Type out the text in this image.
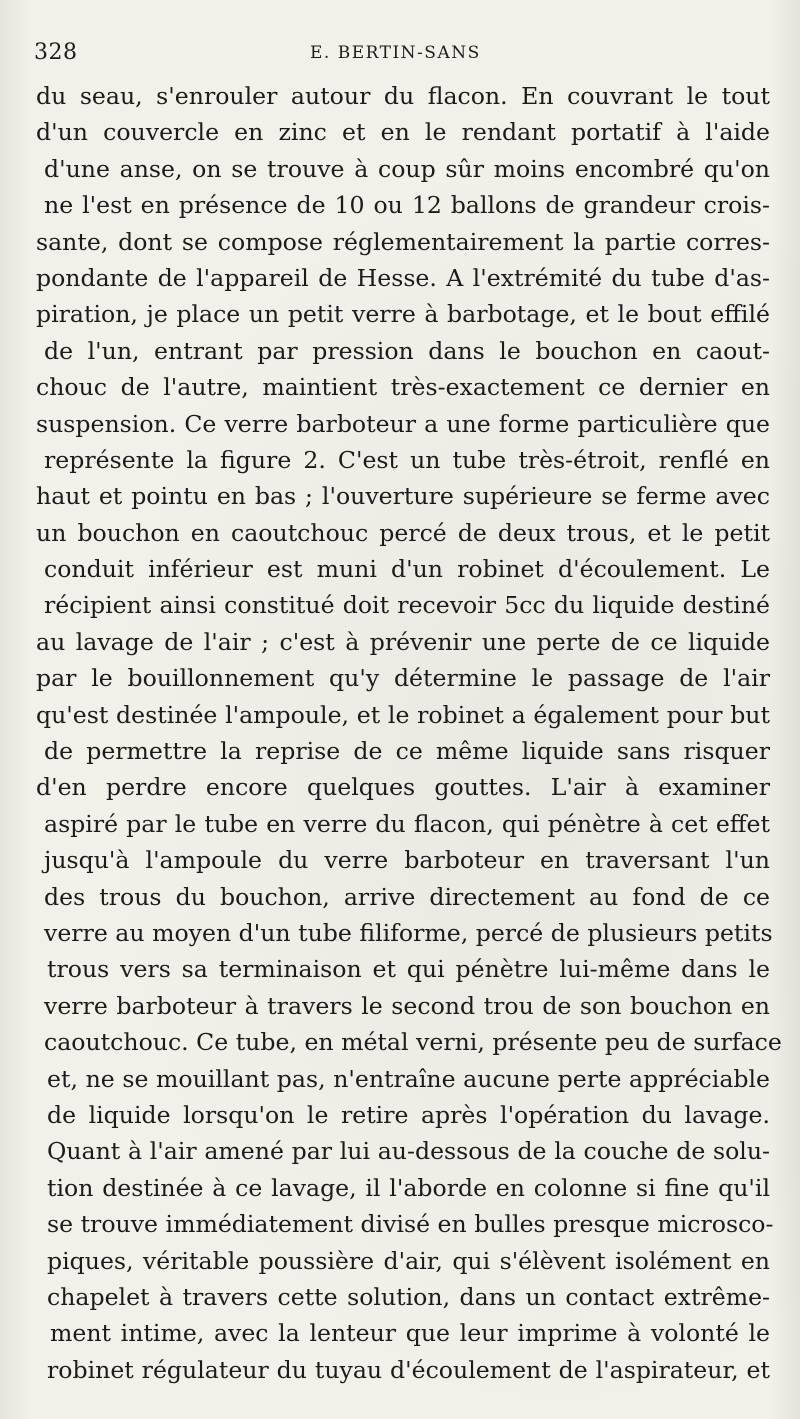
328	E. BERTIN-SANS
du seau, s'enrouler autour du flacon. En couvrant le tout
d'un couvercle en zinc et en le rendant portatif à l'aide
d'une anse, on se trouve à coup sûr moins encombré qu'on
ne l'est en présence de 10 ou 12 ballons de grandeur crois-
sante, dont se compose réglementairement la partie corres-
pondante de l'appareil de Hesse. A l'extrémité du tube d'as-
piration, je place un petit verre à barbotage, et le bout effilé
de l'un, entrant par pression dans le bouchon en caout-
chouc de l'autre, maintient très-exactement ce dernier en
suspension. Ce verre barboteur a une forme particulière que
représente la figure 2. C'est un tube très-étroit, renflé en
haut et pointu en bas ; l'ouverture supérieure se ferme avec
un bouchon en caoutchouc percé de deux trous, et le petit
conduit inférieur est muni d'un robinet d'écoulement. Le
récipient ainsi constitué doit recevoir 5cc du liquide destiné
au lavage de l'air ; c'est à prévenir une perte de ce liquide
par le bouillonnement qu'y détermine le passage de l'air
qu'est destinée l'ampoule, et le robinet a également pour but
de permettre la reprise de ce même liquide sans risquer
d'en perdre encore quelques gouttes. L'air à examiner
aspiré par le tube en verre du flacon, qui pénètre à cet effet
jusqu'à l'ampoule du verre barboteur en traversant l'un
des trous du bouchon, arrive directement au fond de ce
verre au moyen d'un tube filiforme, percé de plusieurs petits
trous vers sa terminaison et qui pénètre lui-même dans le
verre barboteur à travers le second trou de son bouchon en
caoutchouc. Ce tube, en métal verni, présente peu de surface
et, ne se mouillant pas, n'entraîne aucune perte appréciable
de liquide lorsqu'on le retire après l'opération du lavage.
Quant à l'air amené par lui au-dessous de la couche de solu-
tion destinée à ce lavage, il l'aborde en colonne si fine qu'il
se trouve immédiatement divisé en bulles presque microsco-
piques, véritable poussière d'air, qui s'élèvent isolément en
chapelet à travers cette solution, dans un contact extrême-
ment intime, avec la lenteur que leur imprime à volonté le
robinet régulateur du tuyau d'écoulement de l'aspirateur, et
